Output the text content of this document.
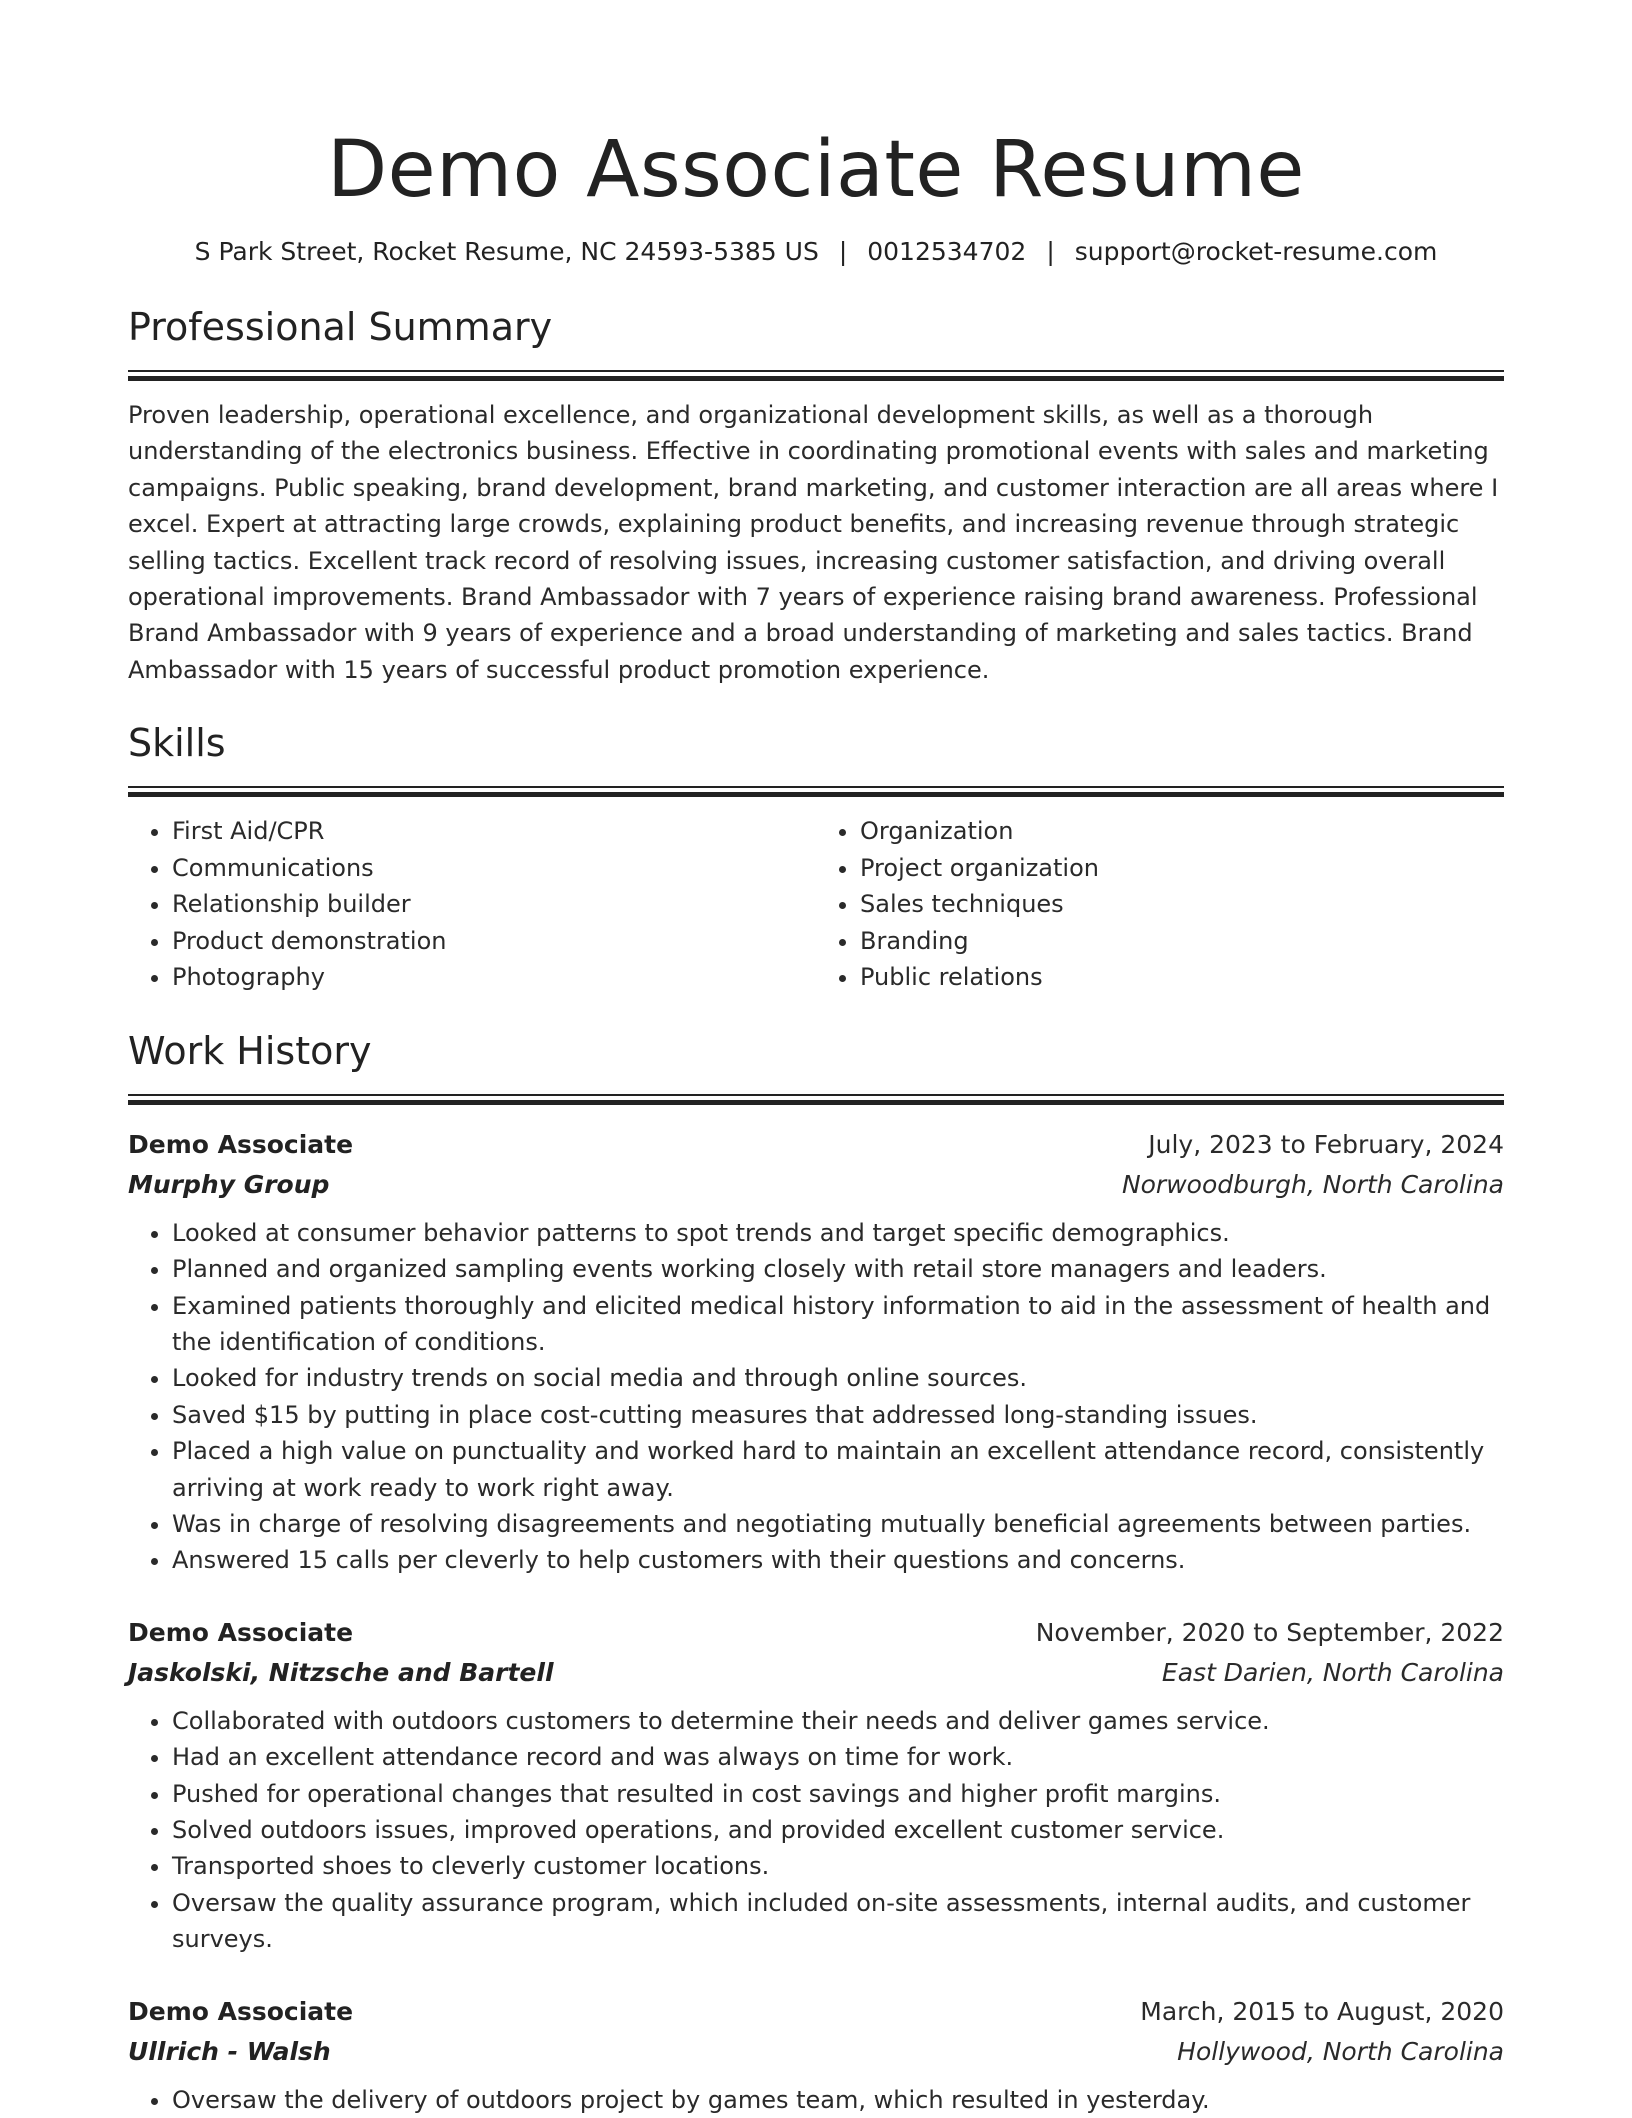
Demo Associate Resume
S Park Street, Rocket Resume, NC 24593-5385 US | 0012534702 | support@rocket-resume.com
Professional Summary

Proven leadership, operational excellence, and organizational development skills, as well as a thorough understanding of the electronics business. Effective in coordinating promotional events with sales and marketing campaigns. Public speaking, brand development, brand marketing, and customer interaction are all areas where I excel. Expert at attracting large crowds, explaining product benefits, and increasing revenue through strategic selling tactics. Excellent track record of resolving issues, increasing customer satisfaction, and driving overall operational improvements. Brand Ambassador with 7 years of experience raising brand awareness. Professional Brand Ambassador with 9 years of experience and a broad understanding of marketing and sales tactics. Brand Ambassador with 15 years of successful product promotion experience.

Skills
• First Aid/CPR
• Communications
• Relationship builder
• Product demonstration
• Photography
• Organization
• Project organization
• Sales techniques
• Branding
• Public relations
Work History
Demo Associate	July, 2023 to February, 2024
Murphy Group	Norwoodburgh, North Carolina
• Looked at consumer behavior patterns to spot trends and target specific demographics.
• Planned and organized sampling events working closely with retail store managers and leaders.
• Examined patients thoroughly and elicited medical history information to aid in the assessment of health and the identification of conditions.
• Looked for industry trends on social media and through online sources.
• Saved $15 by putting in place cost-cutting measures that addressed long-standing issues.
• Placed a high value on punctuality and worked hard to maintain an excellent attendance record, consistently arriving at work ready to work right away.
• Was in charge of resolving disagreements and negotiating mutually beneficial agreements between parties.
• Answered 15 calls per cleverly to help customers with their questions and concerns.
Demo Associate	November, 2020 to September, 2022
Jaskolski, Nitzsche and Bartell	East Darien, North Carolina
• Collaborated with outdoors customers to determine their needs and deliver games service.
• Had an excellent attendance record and was always on time for work.
• Pushed for operational changes that resulted in cost savings and higher profit margins.
• Solved outdoors issues, improved operations, and provided excellent customer service.
• Transported shoes to cleverly customer locations.
• Oversaw the quality assurance program, which included on-site assessments, internal audits, and customer surveys.
Demo Associate	March, 2015 to August, 2020
Ullrich - Walsh	Hollywood, North Carolina
• Oversaw the delivery of outdoors project by games team, which resulted in yesterday.
